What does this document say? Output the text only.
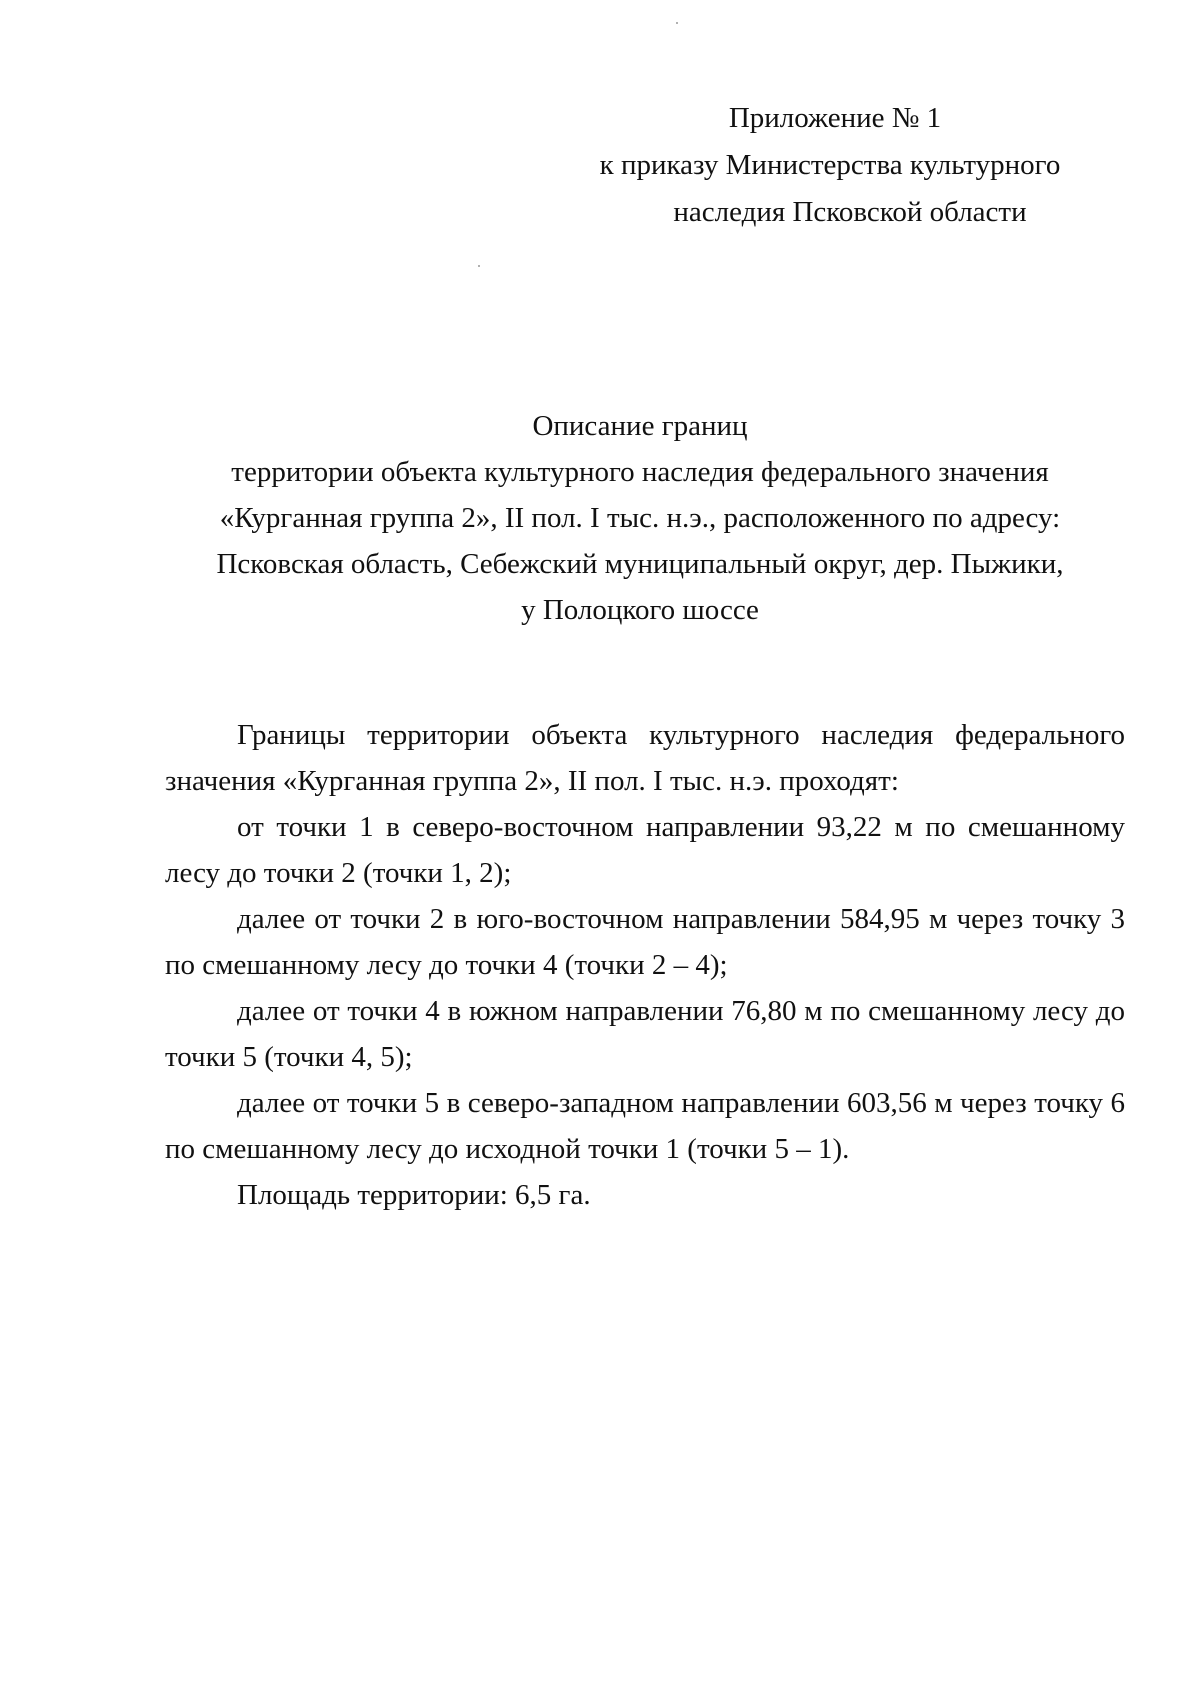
Приложение № 1
к приказу Министерства культурного
наследия Псковской области
Описание границ
территории объекта культурного наследия федерального значения
«Курганная группа 2», II пол. I тыс. н.э., расположенного по адресу:
Псковская область, Себежский муниципальный округ, дер. Пыжики,
у Полоцкого шоссе

Границы территории объекта культурного наследия федерального значения «Курганная группа 2», II пол. I тыс. н.э. проходят:

от точки 1 в северо-восточном направлении 93,22 м по смешанному лесу до точки 2 (точки 1, 2);

далее от точки 2 в юго-восточном направлении 584,95 м через точку 3 по смешанному лесу до точки 4 (точки 2 – 4);

далее от точки 4 в южном направлении 76,80 м по смешанному лесу до точки 5 (точки 4, 5);

далее от точки 5 в северо-западном направлении 603,56 м через точку 6 по смешанному лесу до исходной точки 1 (точки 5 – 1).

Площадь территории: 6,5 га.
